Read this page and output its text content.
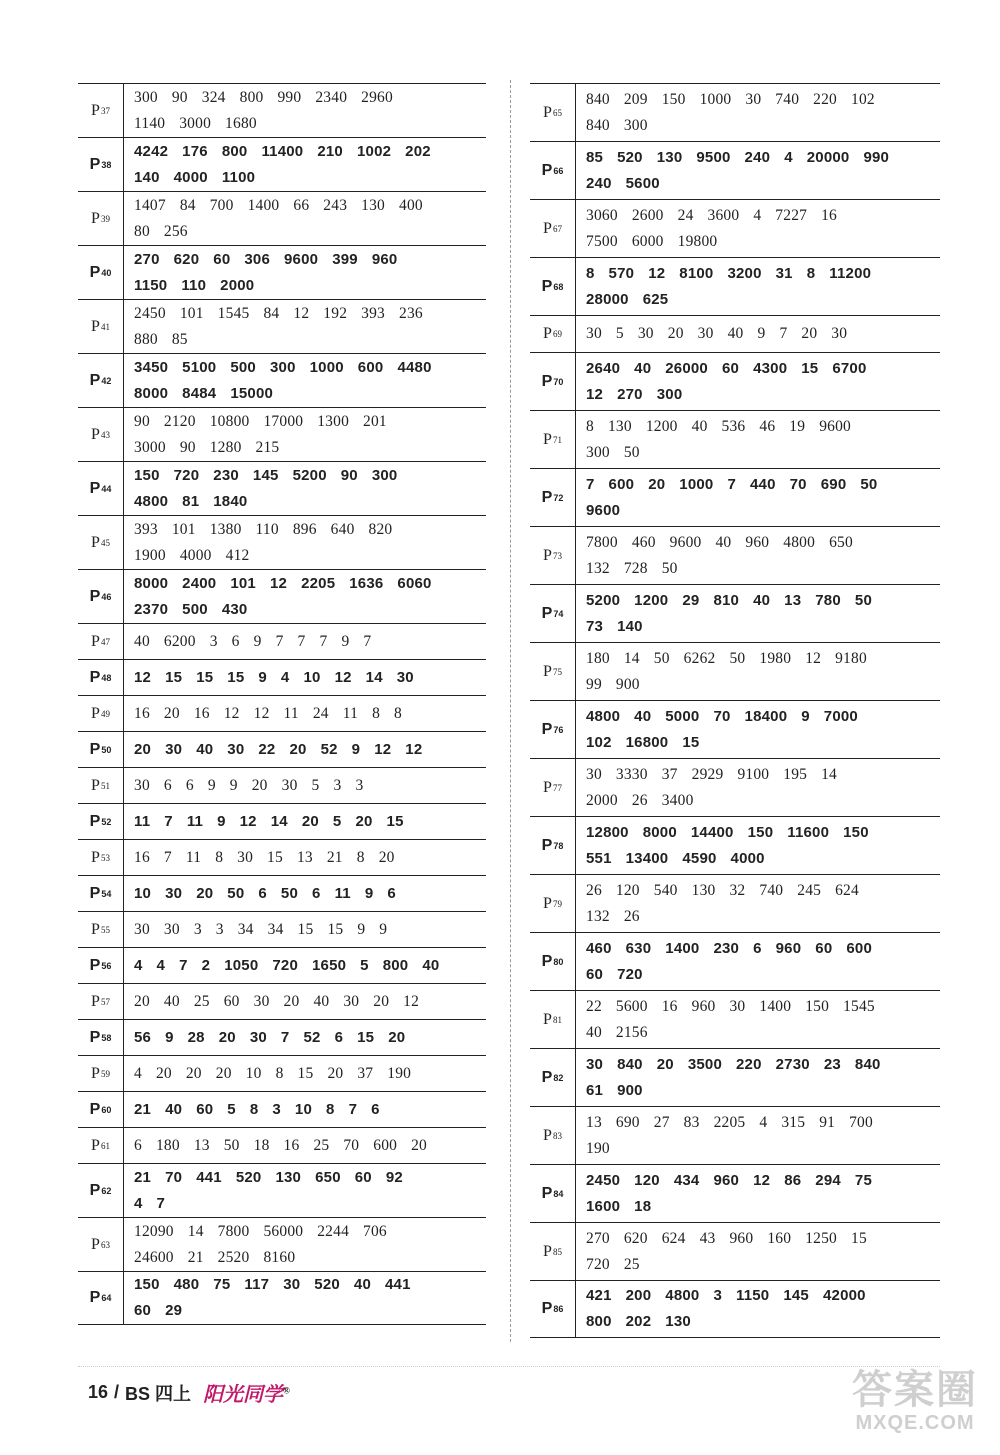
P 37
300 90 324 800 990 2340 2960
1140 3000 1680
P 38
4242 176 800 11400 210 1002 202
140 4000 1100
P 39
1407 84 700 1400 66 243 130 400
80 256
P 40
270 620 60 306 9600 399 960
1150 110 2000
P 41
2450 101 1545 84 12 192 393 236
880 85
P 42
3450 5100 500 300 1000 600 4480
8000 8484 15000
P 43
90 2120 10800 17000 1300 201
3000 90 1280 215
P 44
150 720 230 145 5200 90 300
4800 81 1840
P 45
393 101 1380 110 896 640 820
1900 4000 412
P 46
8000 2400 101 12 2205 1636 6060
2370 500 430
P 47 40 6200 3 6 9 7 7 7 9 7
P 48 12 15 15 15 9 4 10 12 14 30
P 49 16 20 16 12 12 11 24 11 8 8
P 50 20 30 40 30 22 20 52 9 12 12
P 51 30 6 6 9 9 20 30 5 3 3
P 52 11 7 11 9 12 14 20 5 20 15
P 53 16 7 11 8 30 15 13 21 8 20
P 54 10 30 20 50 6 50 6 11 9 6
P 55 30 30 3 3 34 34 15 15 9 9
P 56 4 4 7 2 1050 720 1650 5 800 40
P 57 20 40 25 60 30 20 40 30 20 12
P 58 56 9 28 20 30 7 52 6 15 20
P 59 4 20 20 20 10 8 15 20 37 190
P 60 21 40 60 5 8 3 10 8 7 6
P 61 6 180 13 50 18 16 25 70 600 20
P 62
21 70 441 520 130 650 60 92
4 7
P 63
12090 14 7800 56000 2244 706
24600 21 2520 8160
P 64
150 480 75 117 30 520 40 441
60 29
P 65
840 209 150 1000 30 740 220 102
840 300
P 66
85 520 130 9500 240 4 20000 990
240 5600
P 67
3060 2600 24 3600 4 7227 16
7500 6000 19800
P 68
8 570 12 8100 3200 31 8 11200
28000 625
P 69 30 5 30 20 30 40 9 7 20 30
P 70
2640 40 26000 60 4300 15 6700
12 270 300
P 71
8 130 1200 40 536 46 19 9600
300 50
P 72
7 600 20 1000 7 440 70 690 50
9600
P 73
7800 460 9600 40 960 4800 650
132 728 50
P 74
5200 1200 29 810 40 13 780 50
73 140
P 75
180 14 50 6262 50 1980 12 9180
99 900
P 76
4800 40 5000 70 18400 9 7000
102 16800 15
P 77
30 3330 37 2929 9100 195 14
2000 26 3400
P 78
12800 8000 14400 150 11600 150
551 13400 4590 4000
P 79
26 120 540 130 32 740 245 624
132 26
P 80
460 630 1400 230 6 960 60 600
60 720
P 81
22 5600 16 960 30 1400 150 1545
40 2156
P 82
30 840 20 3500 220 2730 23 840
61 900
P 83
13 690 27 83 2205 4 315 91 700
190
P 84
2450 120 434 960 12 86 294 75
1600 18
P 85
270 620 624 43 960 160 1250 15
720 25
P 86
421 200 4800 3 1150 145 42000
800 202 130
16 / BS 四上 阳光同学®	答案圈
MXQE.COM
